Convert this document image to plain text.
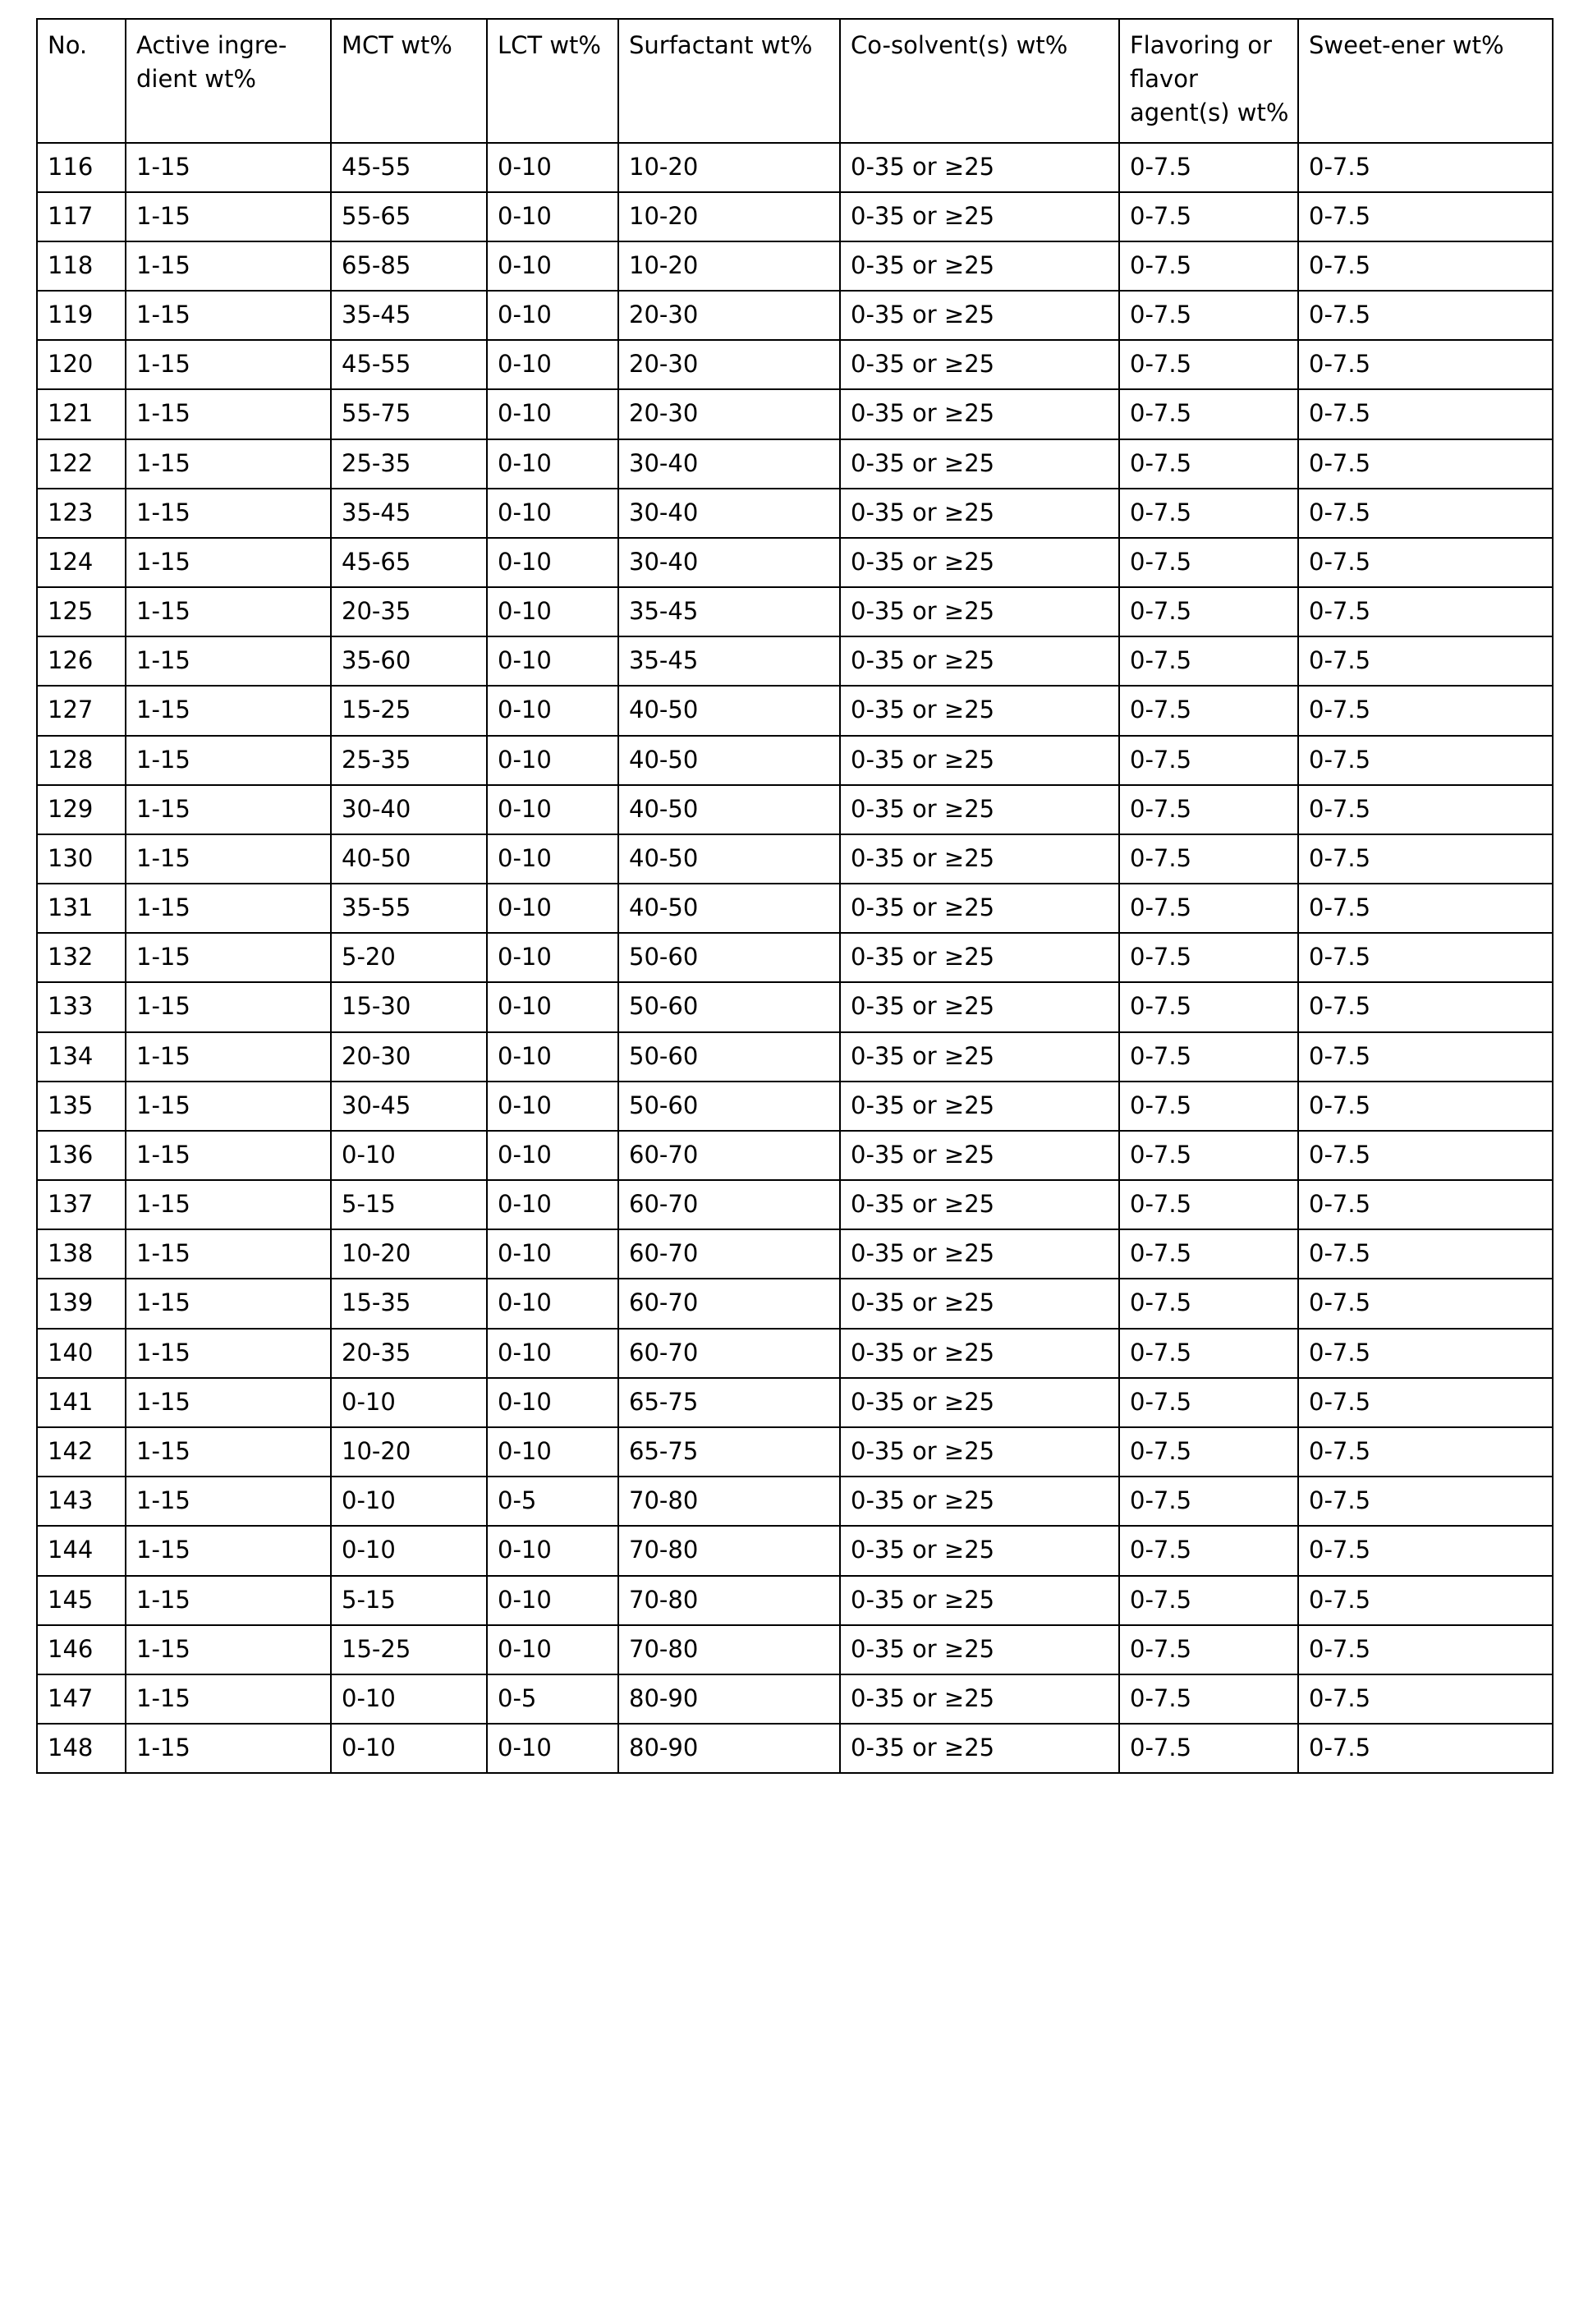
No.	Active ingre-dient wt%	MCT wt%	LCT wt%	Surfactant wt%	Co-solvent(s) wt%	Flavoring or flavor agent(s) wt%	Sweet-ener wt%
116	1-15	45-55	0-10	10-20	0-35 or ≥25	0-7.5	0-7.5
117	1-15	55-65	0-10	10-20	0-35 or ≥25	0-7.5	0-7.5
118	1-15	65-85	0-10	10-20	0-35 or ≥25	0-7.5	0-7.5
119	1-15	35-45	0-10	20-30	0-35 or ≥25	0-7.5	0-7.5
120	1-15	45-55	0-10	20-30	0-35 or ≥25	0-7.5	0-7.5
121	1-15	55-75	0-10	20-30	0-35 or ≥25	0-7.5	0-7.5
122	1-15	25-35	0-10	30-40	0-35 or ≥25	0-7.5	0-7.5
123	1-15	35-45	0-10	30-40	0-35 or ≥25	0-7.5	0-7.5
124	1-15	45-65	0-10	30-40	0-35 or ≥25	0-7.5	0-7.5
125	1-15	20-35	0-10	35-45	0-35 or ≥25	0-7.5	0-7.5
126	1-15	35-60	0-10	35-45	0-35 or ≥25	0-7.5	0-7.5
127	1-15	15-25	0-10	40-50	0-35 or ≥25	0-7.5	0-7.5
128	1-15	25-35	0-10	40-50	0-35 or ≥25	0-7.5	0-7.5
129	1-15	30-40	0-10	40-50	0-35 or ≥25	0-7.5	0-7.5
130	1-15	40-50	0-10	40-50	0-35 or ≥25	0-7.5	0-7.5
131	1-15	35-55	0-10	40-50	0-35 or ≥25	0-7.5	0-7.5
132	1-15	5-20	0-10	50-60	0-35 or ≥25	0-7.5	0-7.5
133	1-15	15-30	0-10	50-60	0-35 or ≥25	0-7.5	0-7.5
134	1-15	20-30	0-10	50-60	0-35 or ≥25	0-7.5	0-7.5
135	1-15	30-45	0-10	50-60	0-35 or ≥25	0-7.5	0-7.5
136	1-15	0-10	0-10	60-70	0-35 or ≥25	0-7.5	0-7.5
137	1-15	5-15	0-10	60-70	0-35 or ≥25	0-7.5	0-7.5
138	1-15	10-20	0-10	60-70	0-35 or ≥25	0-7.5	0-7.5
139	1-15	15-35	0-10	60-70	0-35 or ≥25	0-7.5	0-7.5
140	1-15	20-35	0-10	60-70	0-35 or ≥25	0-7.5	0-7.5
141	1-15	0-10	0-10	65-75	0-35 or ≥25	0-7.5	0-7.5
142	1-15	10-20	0-10	65-75	0-35 or ≥25	0-7.5	0-7.5
143	1-15	0-10	0-5	70-80	0-35 or ≥25	0-7.5	0-7.5
144	1-15	0-10	0-10	70-80	0-35 or ≥25	0-7.5	0-7.5
145	1-15	5-15	0-10	70-80	0-35 or ≥25	0-7.5	0-7.5
146	1-15	15-25	0-10	70-80	0-35 or ≥25	0-7.5	0-7.5
147	1-15	0-10	0-5	80-90	0-35 or ≥25	0-7.5	0-7.5
148	1-15	0-10	0-10	80-90	0-35 or ≥25	0-7.5	0-7.5
